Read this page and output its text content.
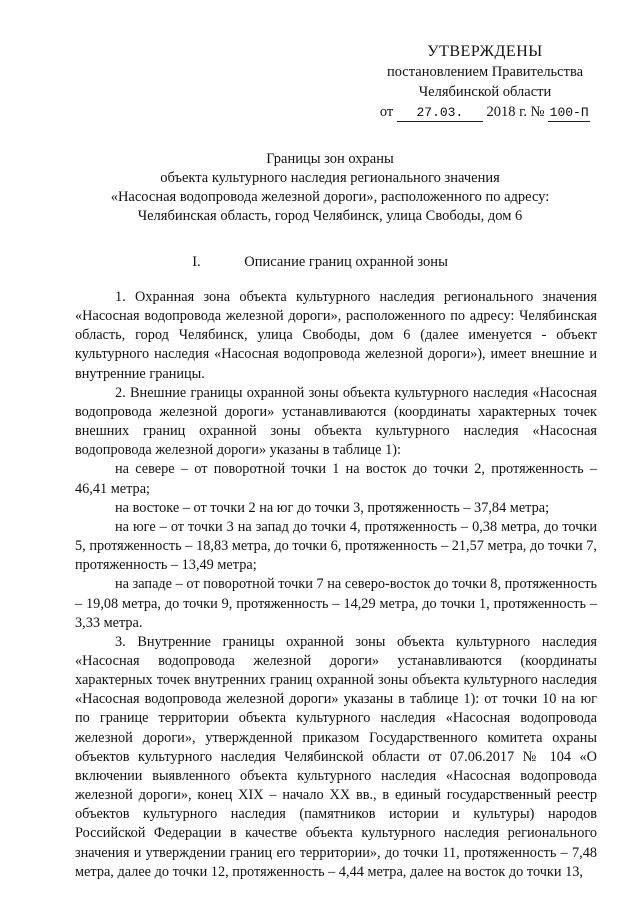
УТВЕРЖДЕНЫ
постановлением Правительства
Челябинской области
от 27.03. 2018 г. № 100-П
Границы зон охраны
объекта культурного наследия регионального значения
«Насосная водопровода железной дороги», расположенного по адресу:
Челябинская область, город Челябинск, улица Свободы, дом 6
I.	Описание границ охранной зоны

1. Охранная зона объекта культурного наследия регионального значения «Насосная водопровода железной дороги», расположенного по адресу: Челябинская область, город Челябинск, улица Свободы, дом 6 (далее именуется - объект культурного наследия «Насосная водопровода железной дороги»), имеет внешние и внутренние границы.

2. Внешние границы охранной зоны объекта культурного наследия «Насосная водопровода железной дороги» устанавливаются (координаты характерных точек внешних границ охранной зоны объекта культурного наследия «Насосная водопровода железной дороги» указаны в таблице 1):

на севере – от поворотной точки 1 на восток до точки 2, протяженность – 46,41 метра;

на востоке – от точки 2 на юг до точки 3, протяженность – 37,84 метра;

на юге – от точки 3 на запад до точки 4, протяженность – 0,38 метра, до точки 5, протяженность – 18,83 метра, до точки 6, протяженность – 21,57 метра, до точки 7, протяженность – 13,49 метра;

на западе – от поворотной точки 7 на северо-восток до точки 8, протяженность – 19,08 метра, до точки 9, протяженность – 14,29 метра, до точки 1, протяженность – 3,33 метра.

3. Внутренние границы охранной зоны объекта культурного наследия «Насосная водопровода железной дороги» устанавливаются (координаты характерных точек внутренних границ охранной зоны объекта культурного наследия «Насосная водопровода железной дороги» указаны в таблице 1): от точки 10 на юг по границе территории объекта культурного наследия «Насосная водопровода железной дороги», утвержденной приказом Государственного комитета охраны объектов культурного наследия Челябинской области от 07.06.2017 № 104 «О включении выявленного объекта культурного наследия «Насосная водопровода железной дороги», конец XIX – начало XX вв., в единый государственный реестр объектов культурного наследия (памятников истории и культуры) народов Российской Федерации в качестве объекта культурного наследия регионального значения и утверждении границ его территории», до точки 11, протяженность – 7,48 метра, далее до точки 12, протяженность – 4,44 метра, далее на восток до точки 13,
